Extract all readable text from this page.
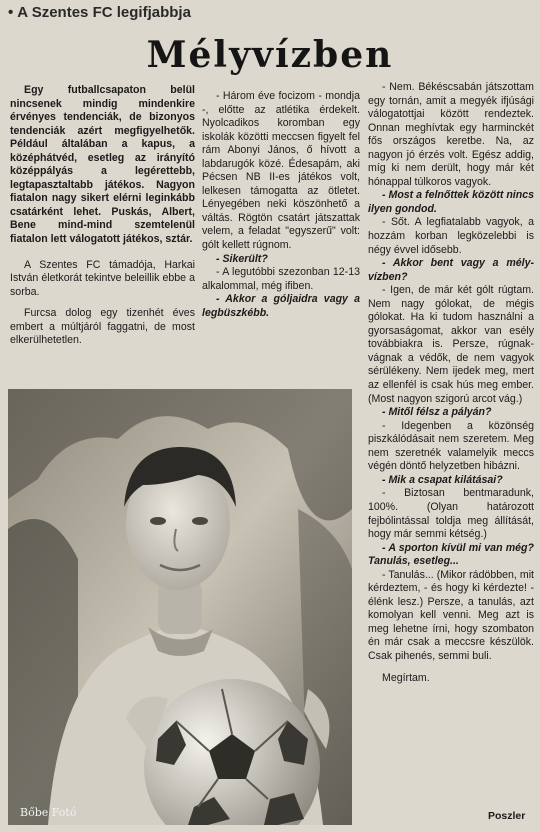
• A Szentes FC legifjabbja
Mélyvízben

Egy futballcsapaton belül nincsenek mindig mindenkire érvényes tendenciák, de bizonyos tendenciák azért megfigyelhetők. Például általában a kapus, a középhátvéd, esetleg az irányító középpályás a legérettebb, legtapasztaltabb játékos. Nagyon fiatalon nagy sikert elérni leginkább csatárként lehet. Puskás, Albert, Bene mind-mind szemtelenül fiatalon lett válogatott játékos, sztár.

A Szentes FC támadója, Harkai István életkorát tekintve beleillik ebbe a sorba.

Furcsa dolog egy tizenhét éves embert a múltjáról faggatni, de most elkerülhetetlen.

- Három éve focizom - mondja -, előtte az atlétika érdekelt. Nyolcadikos koromban egy iskolák közötti meccsen figyelt fel rám Abonyi János, ő hívott a labdarugók közé. Édesapám, aki Pécsen NB II-es játékos volt, lelkesen támogatta az ötletet. Lényegében neki köszönhető a váltás. Rögtön csatárt játszattak velem, a feladat "egyszerű" volt: gólt kellett rúgnom.

- Sikerült?

- A legutóbbi szezonban 12-13 alkalommal, még ifiben.

- Akkor a góljaidra vagy a legbüszkébb.

- Nem. Békéscsabán játszottam egy tornán, amit a megyék ifjúsági válogatottjai között rendeztek. Onnan meghívtak egy harminckét fős országos keretbe. Na, az nagyon jó érzés volt. Egész addig, míg ki nem derült, hogy már két hónappal túlkoros vagyok.

- Most a felnőttek között nincs ilyen gondod.

- Sőt. A legfiatalabb vagyok, a hozzám korban legközelebbi is négy évvel idősebb.

- Akkor bent vagy a mély-vízben?

- Igen, de már két gólt rúgtam. Nem nagy gólokat, de mégis gólokat. Ha ki tudom használni a gyorsaságomat, akkor van esély továbbiakra is. Persze, rúgnak-vágnak a védők, de nem vagyok sérülékeny. Nem ijedek meg, mert az ellenfél is csak hús meg ember. (Most nagyon szigorú arcot vág.)

- Mitől félsz a pályán?

- Idegenben a közönség piszkálódásait nem szeretem. Meg nem szeretnék valamelyik meccs végén döntő helyzetben hibázni.

- Mik a csapat kilátásai?

- Biztosan bentmaradunk, 100%. (Olyan határozott fejbólintással toldja meg állítását, hogy már semmi kétség.)

- A sporton kívül mi van még? Tanulás, esetleg...

- Tanulás... (Mikor rádöbben, mit kérdeztem, - és hogy ki kérdezte! - élénk lesz.) Persze, a tanulás, azt komolyan kell venni. Meg azt is meg lehetne írni, hogy szombaton én már csak a meccsre készülök. Csak pihenés, semmi buli.

Megírtam.

Poszler
Bőbe Fotó
